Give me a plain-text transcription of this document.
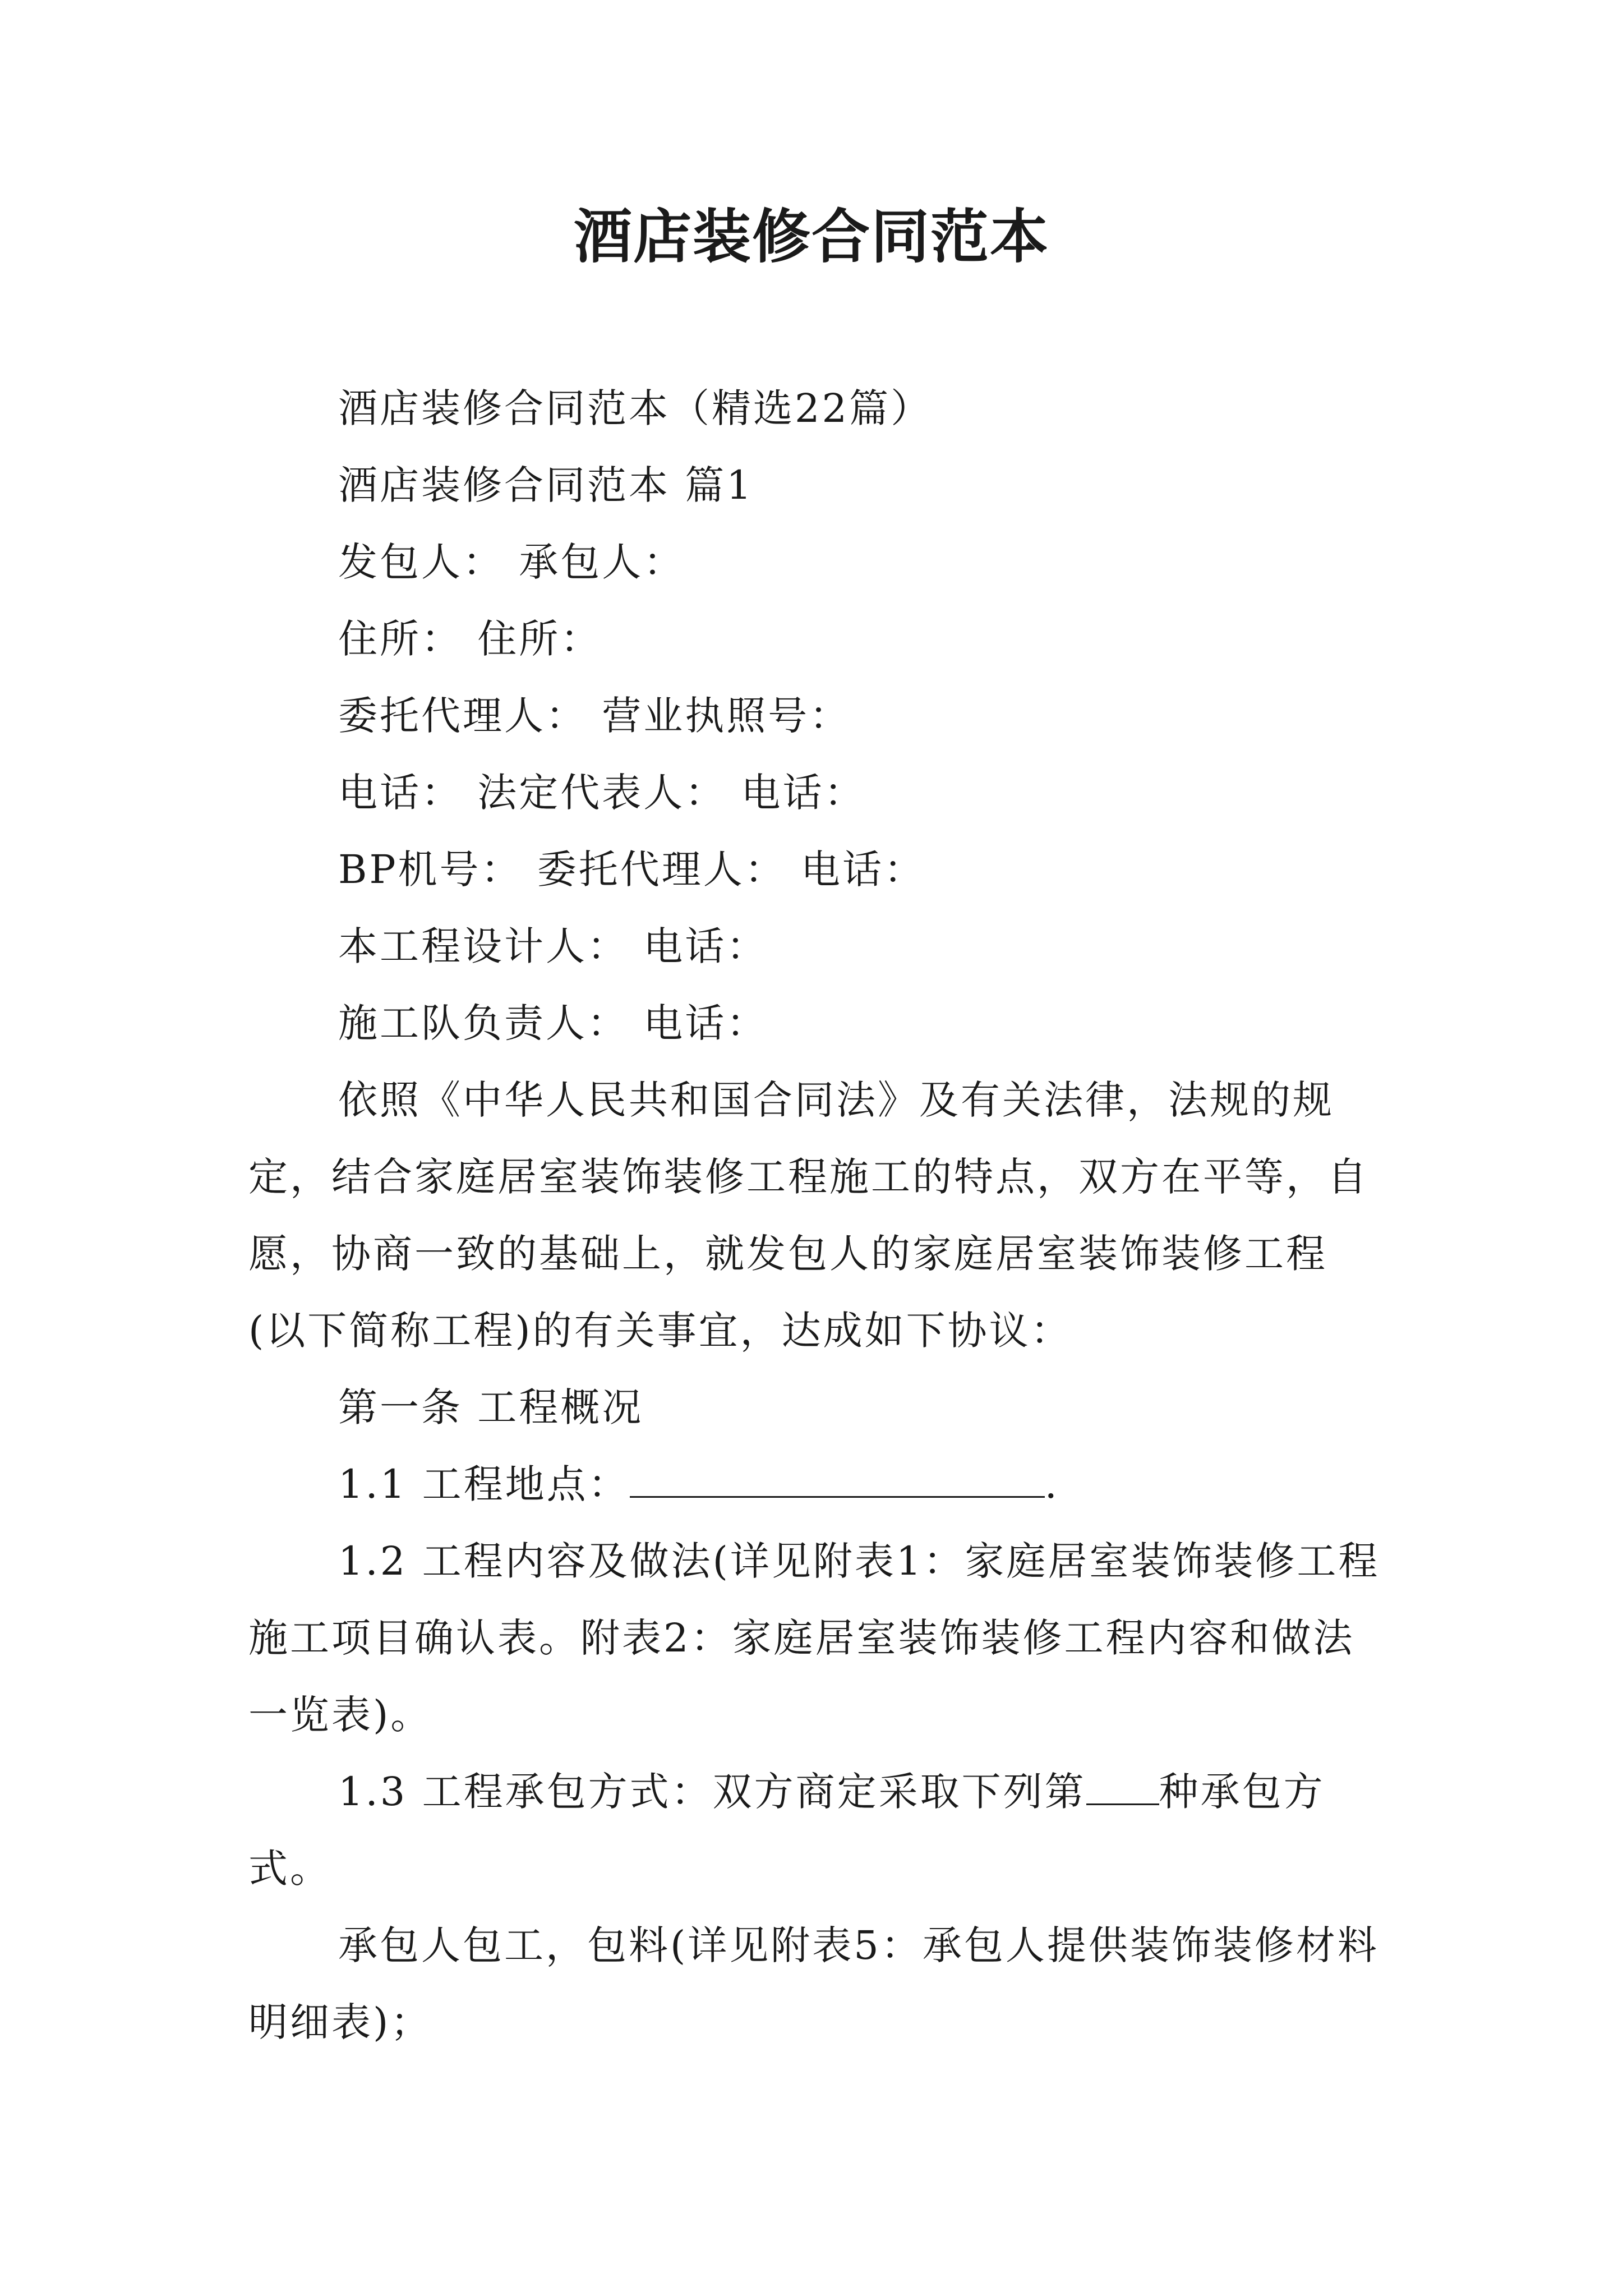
酒店装修合同范本

酒店装修合同范本（精选22篇）

酒店装修合同范本 篇1

发包人： 承包人：

住所： 住所：

委托代理人： 营业执照号：

电话： 法定代表人： 电话：

BP机号： 委托代理人： 电话：

本工程设计人： 电话：

施工队负责人： 电话：

依照《中华人民共和国合同法》及有关法律，法规的规定，结合家庭居室装饰装修工程施工的特点，双方在平等，自愿，协商一致的基础上，就发包人的家庭居室装饰装修工程(以下简称工程)的有关事宜，达成如下协议：

第一条 工程概况

1.1 工程地点：	.

1.2 工程内容及做法(详见附表1：家庭居室装饰装修工程施工项目确认表。附表2：家庭居室装饰装修工程内容和做法一览表)。

1.3 工程承包方式：双方商定采取下列第 种承包方式。

承包人包工，包料(详见附表5：承包人提供装饰装修材料明细表)；
